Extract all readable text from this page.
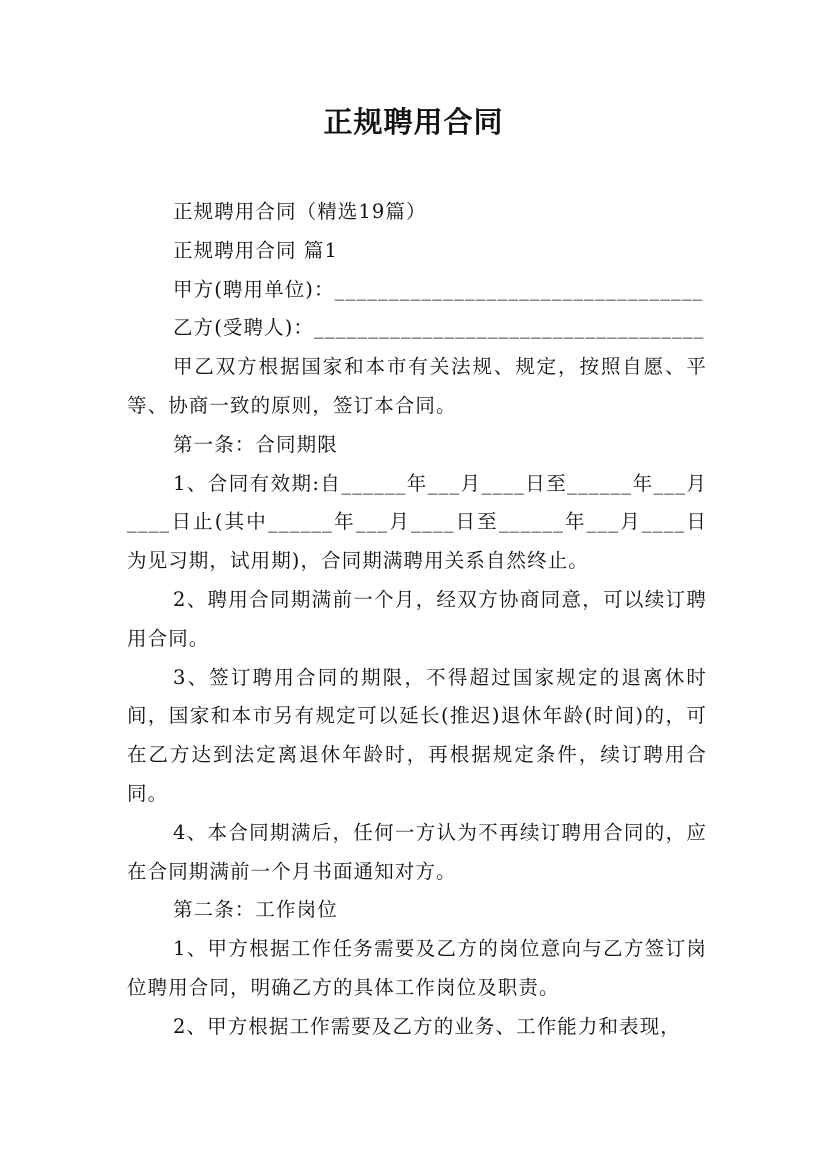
正规聘用合同

正规聘用合同（精选19篇）

正规聘用合同 篇1

甲方(聘用单位)：__________________________________

乙方(受聘人)：____________________________________

甲乙双方根据国家和本市有关法规、规定，按照自愿、平等、协商一致的原则，签订本合同。

第一条：合同期限

1、合同有效期:自______年___月____日至______年___月____日止(其中______年___月____日至______年___月____日为见习期，试用期)，合同期满聘用关系自然终止。

2、聘用合同期满前一个月，经双方协商同意，可以续订聘用合同。

3、签订聘用合同的期限，不得超过国家规定的退离休时间，国家和本市另有规定可以延长(推迟)退休年龄(时间)的，可在乙方达到法定离退休年龄时，再根据规定条件，续订聘用合同。

4、本合同期满后，任何一方认为不再续订聘用合同的，应在合同期满前一个月书面通知对方。

第二条：工作岗位

1、甲方根据工作任务需要及乙方的岗位意向与乙方签订岗位聘用合同，明确乙方的具体工作岗位及职责。

2、甲方根据工作需要及乙方的业务、工作能力和表现，
